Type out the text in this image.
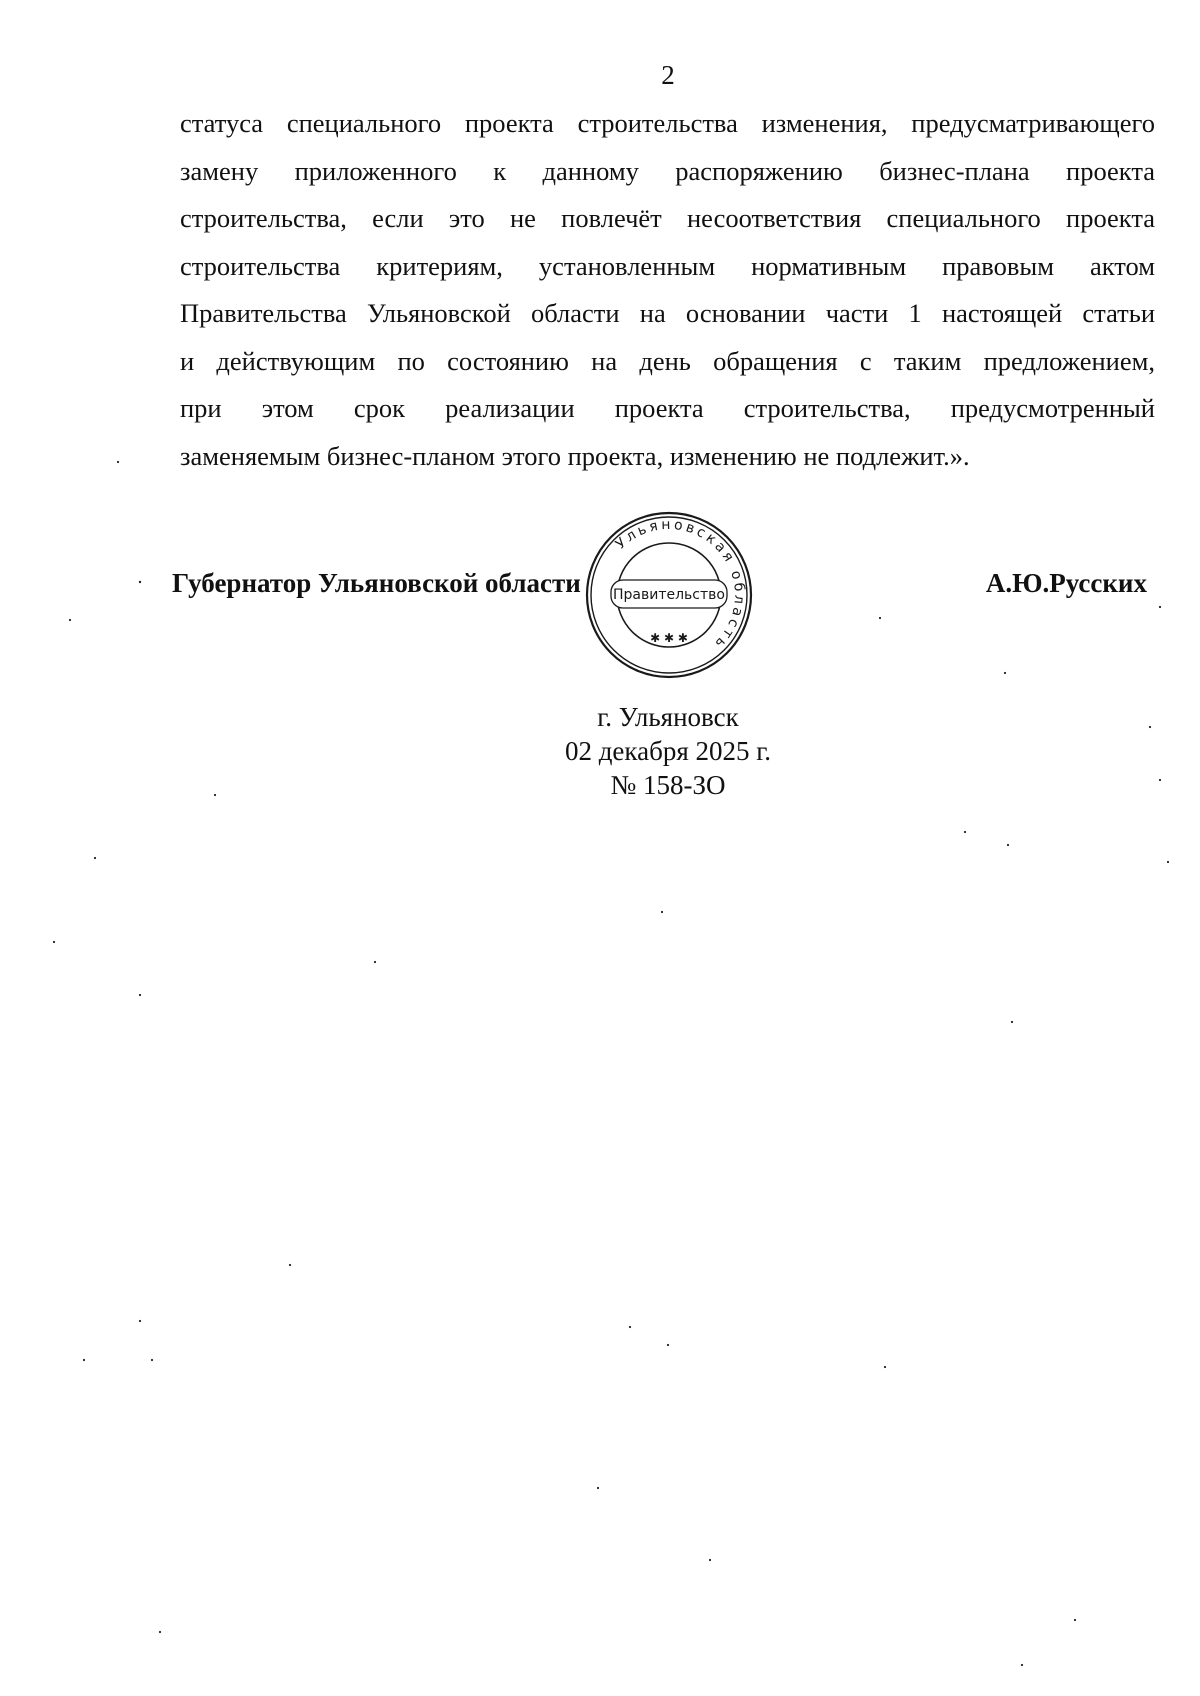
2
статуса специального проекта строительства изменения, предусматривающего
замену приложенного к данному распоряжению бизнес-плана проекта
строительства, если это не повлечёт несоответствия специального проекта
строительства критериям, установленным нормативным правовым актом
Правительства Ульяновской области на основании части 1 настоящей статьи
и действующим по состоянию на день обращения с таким предложением,
при этом срок реализации проекта строительства, предусмотренный
заменяемым бизнес-планом этого проекта, изменению не подлежит.».
Губернатор Ульяновской области	А.Ю.Русских
Ульяновская область
✱ ✱ ✱
Правительство
г. Ульяновск
02 декабря 2025 г.
№ 158-ЗО
